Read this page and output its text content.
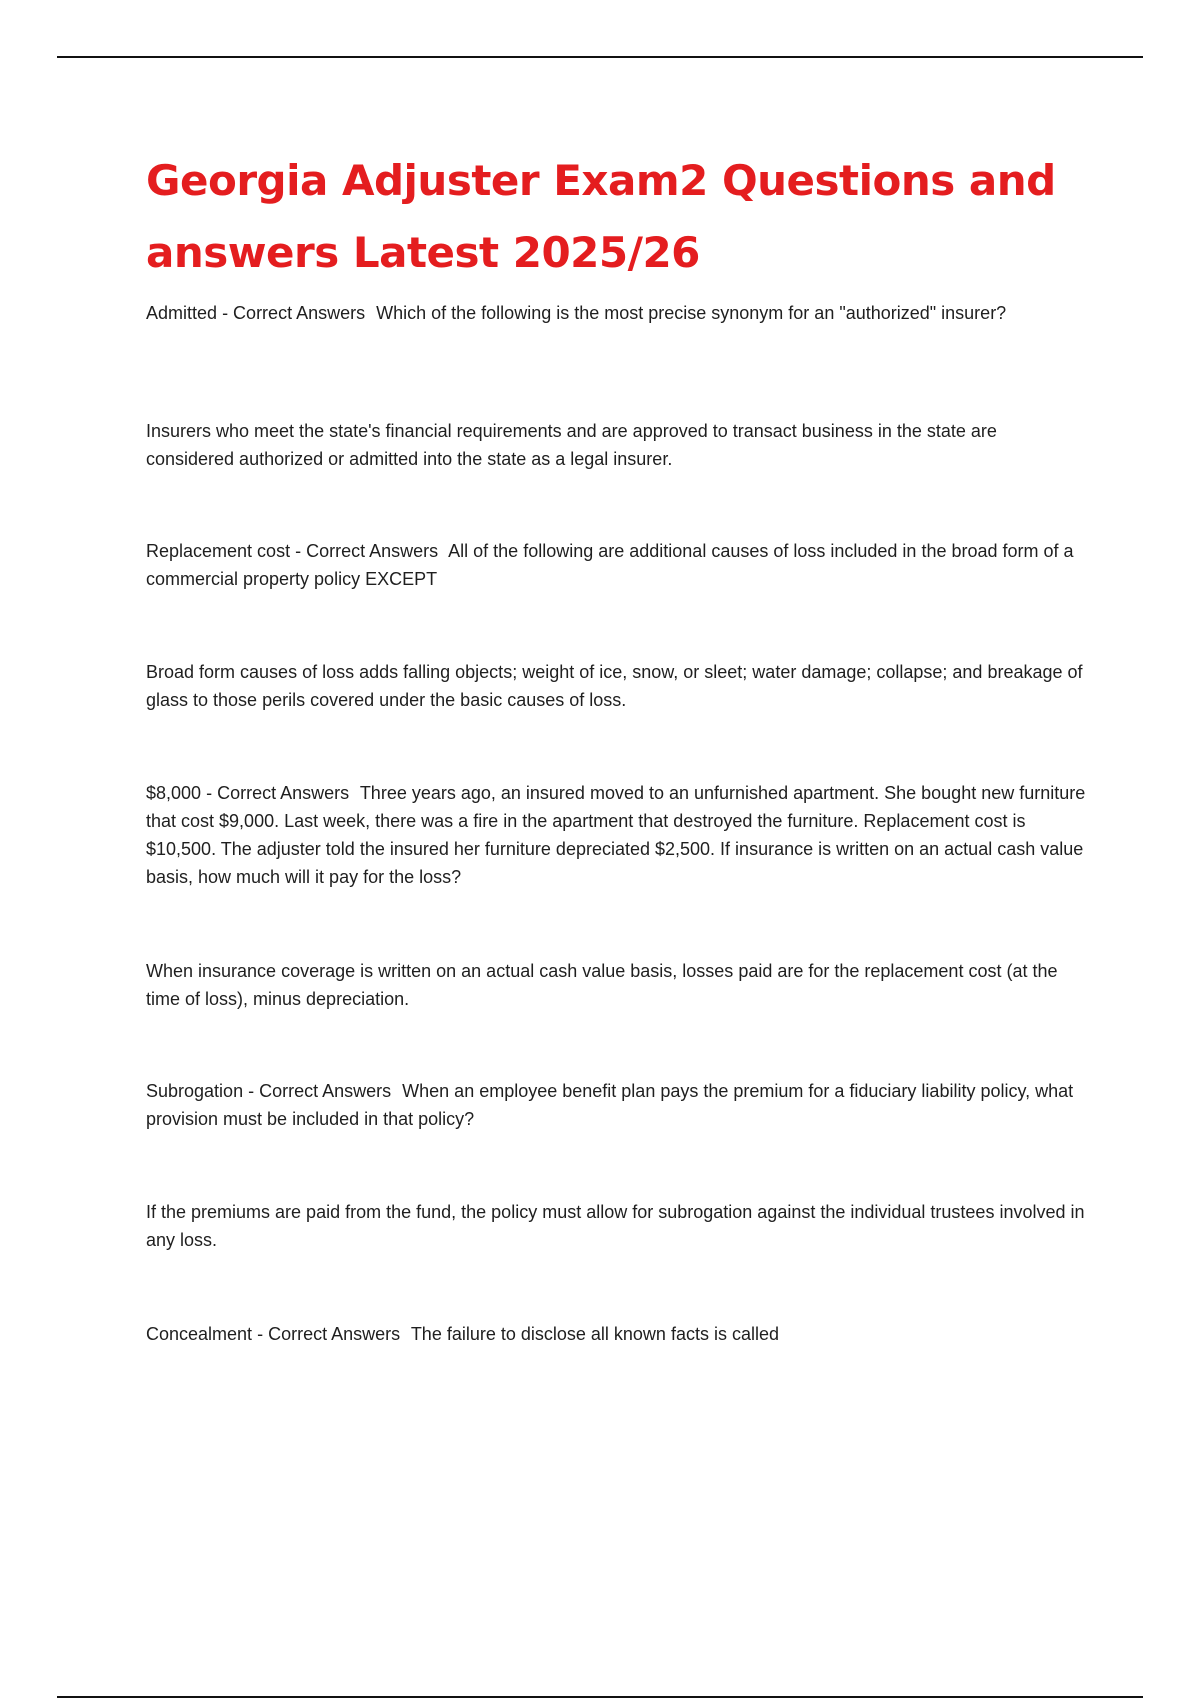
Georgia Adjuster Exam2 Questions and answers Latest 2025/26

Admitted - Correct Answers Which of the following is the most precise synonym for an "authorized" insurer?

Insurers who meet the state's financial requirements and are approved to transact business in the state are considered authorized or admitted into the state as a legal insurer.

Replacement cost - Correct Answers All of the following are additional causes of loss included in the broad form of a commercial property policy EXCEPT

Broad form causes of loss adds falling objects; weight of ice, snow, or sleet; water damage; collapse; and breakage of glass to those perils covered under the basic causes of loss.

$8,000 - Correct Answers Three years ago, an insured moved to an unfurnished apartment. She bought new furniture that cost $9,000. Last week, there was a fire in the apartment that destroyed the furniture. Replacement cost is $10,500. The adjuster told the insured her furniture depreciated $2,500. If insurance is written on an actual cash value basis, how much will it pay for the loss?

When insurance coverage is written on an actual cash value basis, losses paid are for the replacement cost (at the time of loss), minus depreciation.

Subrogation - Correct Answers When an employee benefit plan pays the premium for a fiduciary liability policy, what provision must be included in that policy?

If the premiums are paid from the fund, the policy must allow for subrogation against the individual trustees involved in any loss.

Concealment - Correct Answers The failure to disclose all known facts is called
